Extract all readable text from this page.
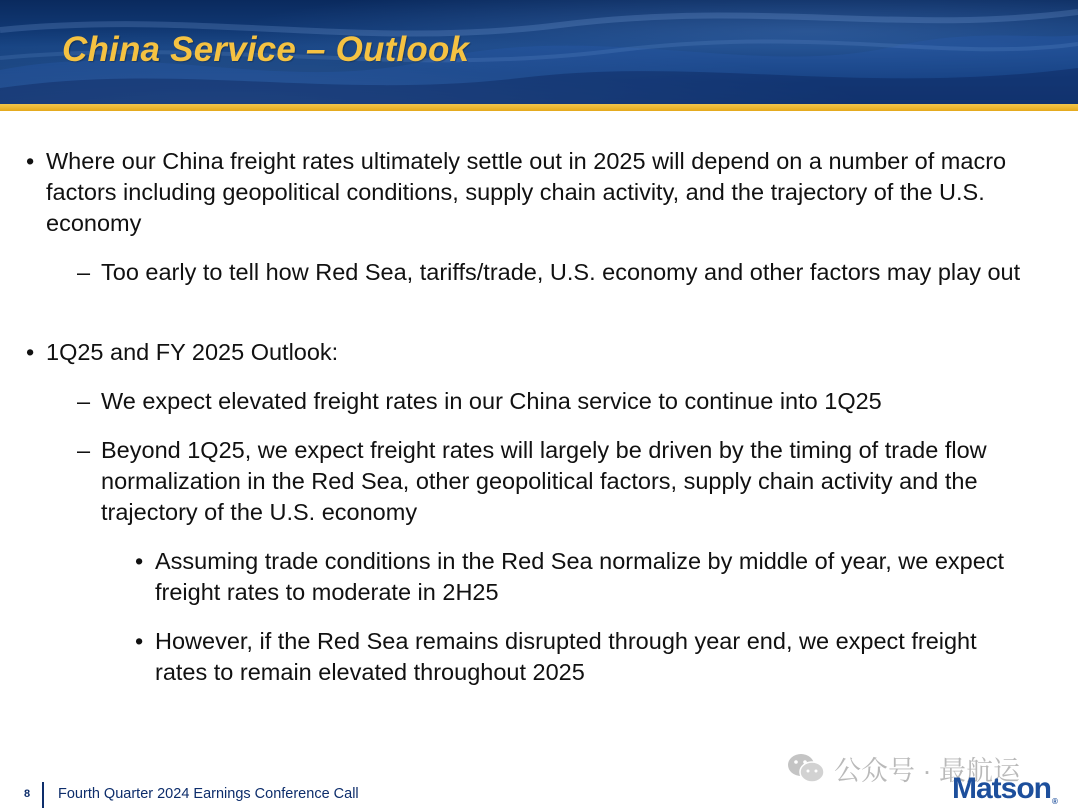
China Service – Outlook
• Where our China freight rates ultimately settle out in 2025 will depend on a number of macro factors including geopolitical conditions, supply chain activity, and the trajectory of the U.S. economy
– Too early to tell how Red Sea, tariffs/trade, U.S. economy and other factors may play out
• 1Q25 and FY 2025 Outlook:
– We expect elevated freight rates in our China service to continue into 1Q25
– Beyond 1Q25, we expect freight rates will largely be driven by the timing of trade flow normalization in the Red Sea, other geopolitical factors, supply chain activity and the trajectory of the U.S. economy
• Assuming trade conditions in the Red Sea normalize by middle of year, we expect freight rates to moderate in 2H25
• However, if the Red Sea remains disrupted through year end, we expect freight rates to remain elevated throughout 2025
8 Fourth Quarter 2024 Earnings Conference Call
公众号 · 最航运
Matson®
